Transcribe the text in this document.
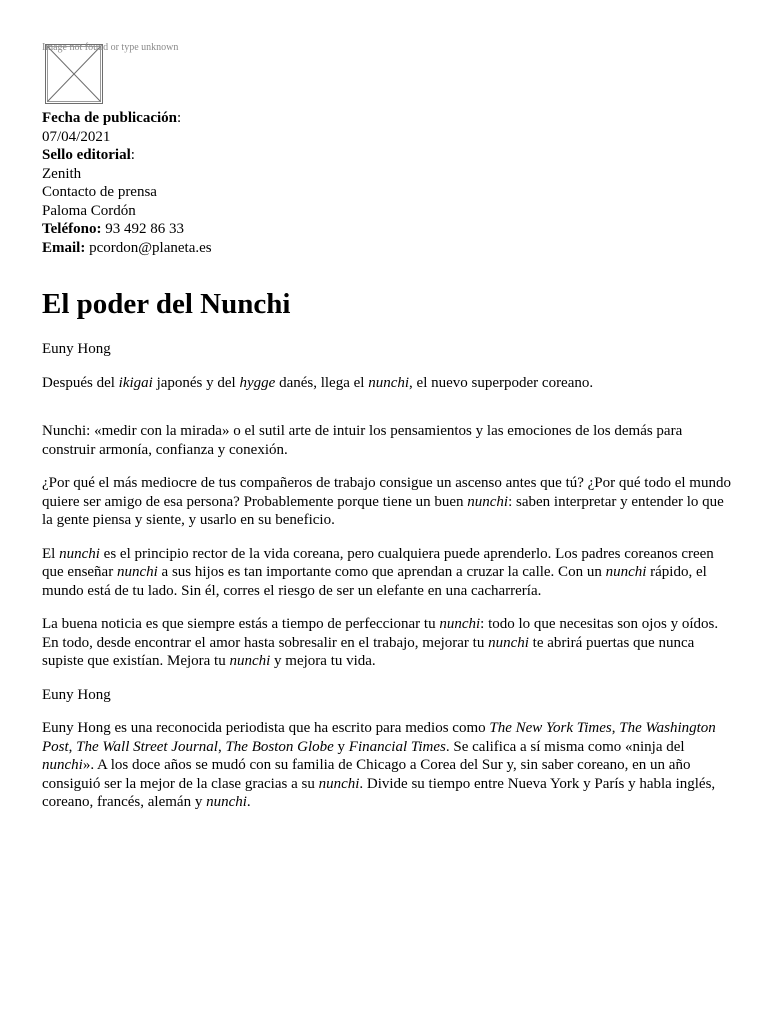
Image not found or type unknown

Fecha de publicación:

07/04/2021

Sello editorial:

Zenith

Contacto de prensa

Paloma Cordón

Teléfono: 93 492 86 33

Email: pcordon@planeta.es

El poder del Nunchi

Euny Hong

Después del ikigai japonés y del hygge danés, llega el nunchi, el nuevo superpoder coreano.

Nunchi: «medir con la mirada» o el sutil arte de intuir los pensamientos y las emociones de los demás para construir armonía, confianza y conexión.

¿Por qué el más mediocre de tus compañeros de trabajo consigue un ascenso antes que tú? ¿Por qué todo el mundo quiere ser amigo de esa persona? Probablemente porque tiene un buen nunchi: saben interpretar y entender lo que la gente piensa y siente, y usarlo en su beneficio.

El nunchi es el principio rector de la vida coreana, pero cualquiera puede aprenderlo. Los padres coreanos creen que enseñar nunchi a sus hijos es tan importante como que aprendan a cruzar la calle. Con un nunchi rápido, el mundo está de tu lado. Sin él, corres el riesgo de ser un elefante en una cacharrería.

La buena noticia es que siempre estás a tiempo de perfeccionar tu nunchi: todo lo que necesitas son ojos y oídos. En todo, desde encontrar el amor hasta sobresalir en el trabajo, mejorar tu nunchi te abrirá puertas que nunca supiste que existían. Mejora tu nunchi y mejora tu vida.

Euny Hong

Euny Hong es una reconocida periodista que ha escrito para medios como The New York Times, The Washington Post, The Wall Street Journal, The Boston Globe y Financial Times. Se califica a sí misma como «ninja del nunchi». A los doce años se mudó con su familia de Chicago a Corea del Sur y, sin saber coreano, en un año consiguió ser la mejor de la clase gracias a su nunchi. Divide su tiempo entre Nueva York y París y habla inglés, coreano, francés, alemán y nunchi.
